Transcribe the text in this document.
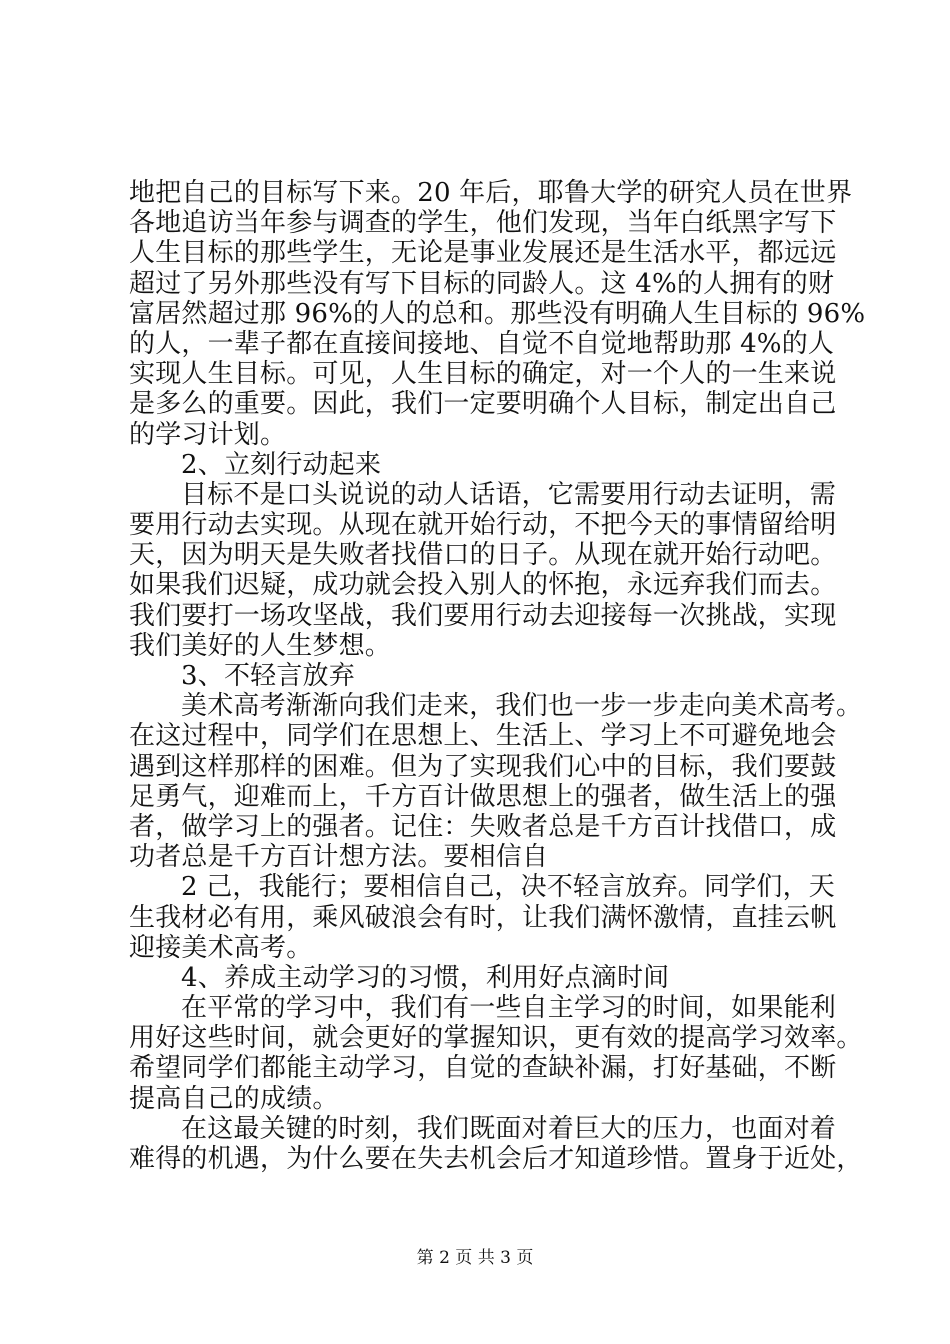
地把自己的目标写下来。20 年后，耶鲁大学的研究人员在世界
各地追访当年参与调查的学生，他们发现，当年白纸黑字写下
人生目标的那些学生，无论是事业发展还是生活水平，都远远
超过了另外那些没有写下目标的同龄人。这 4%的人拥有的财
富居然超过那 96%的人的总和。那些没有明确人生目标的 96%
的人，一辈子都在直接间接地、自觉不自觉地帮助那 4%的人
实现人生目标。可见，人生目标的确定，对一个人的一生来说
是多么的重要。因此，我们一定要明确个人目标，制定出自己
的学习计划。
2、立刻行动起来
目标不是口头说说的动人话语，它需要用行动去证明，需
要用行动去实现。从现在就开始行动，不把今天的事情留给明
天，因为明天是失败者找借口的日子。从现在就开始行动吧。
如果我们迟疑，成功就会投入别人的怀抱，永远弃我们而去。
我们要打一场攻坚战，我们要用行动去迎接每一次挑战，实现
我们美好的人生梦想。
3、不轻言放弃
美术高考渐渐向我们走来，我们也一步一步走向美术高考。
在这过程中，同学们在思想上、生活上、学习上不可避免地会
遇到这样那样的困难。但为了实现我们心中的目标，我们要鼓
足勇气，迎难而上，千方百计做思想上的强者，做生活上的强
者，做学习上的强者。记住：失败者总是千方百计找借口，成
功者总是千方百计想方法。要相信自
2 己，我能行；要相信自己，决不轻言放弃。同学们，天
生我材必有用，乘风破浪会有时，让我们满怀激情，直挂云帆
迎接美术高考。
4、养成主动学习的习惯，利用好点滴时间
在平常的学习中，我们有一些自主学习的时间，如果能利
用好这些时间，就会更好的掌握知识，更有效的提高学习效率。
希望同学们都能主动学习，自觉的查缺补漏，打好基础，不断
提高自己的成绩。
在这最关键的时刻，我们既面对着巨大的压力，也面对着
难得的机遇，为什么要在失去机会后才知道珍惜。置身于近处，
第 2 页 共 3 页
